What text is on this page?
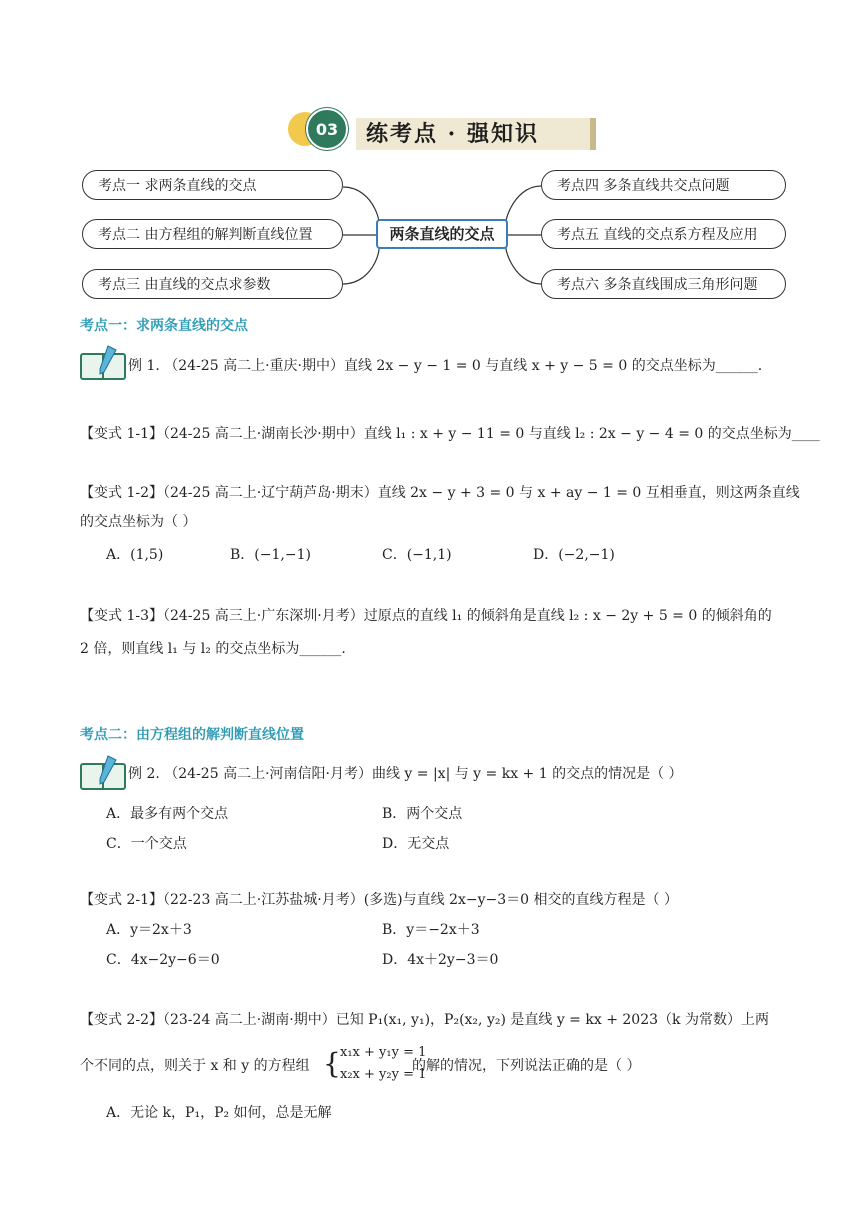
03	练考点 · 强知识
考点一 求两条直线的交点
考点二 由方程组的解判断直线位置
考点三 由直线的交点求参数
两条直线的交点
考点四 多条直线共交点问题
考点五 直线的交点系方程及应用
考点六 多条直线围成三角形问题
考点一：求两条直线的交点
例 1. （24-25 高二上·重庆·期中）直线 2x − y − 1 = 0 与直线 x + y − 5 = 0 的交点坐标为______.
【变式 1-1】（24-25 高二上·湖南长沙·期中）直线 l₁ : x + y − 11 = 0 与直线 l₂ : 2x − y − 4 = 0 的交点坐标为____
【变式 1-2】（24-25 高二上·辽宁葫芦岛·期末）直线 2x − y + 3 = 0 与 x + ay − 1 = 0 互相垂直，则这两条直线
的交点坐标为（ ）
A．(1,5)	B．(−1,−1)	C．(−1,1)	D．(−2,−1)
【变式 1-3】（24-25 高三上·广东深圳·月考）过原点的直线 l₁ 的倾斜角是直线 l₂ : x − 2y + 5 = 0 的倾斜角的
2 倍，则直线 l₁ 与 l₂ 的交点坐标为______.
考点二：由方程组的解判断直线位置
例 2. （24-25 高二上·河南信阳·月考）曲线 y = |x| 与 y = kx + 1 的交点的情况是（ ）
A．最多有两个交点	B．两个交点
C．一个交点	D．无交点
【变式 2-1】（22-23 高二上·江苏盐城·月考）(多选)与直线 2x−y−3＝0 相交的直线方程是（ ）
A．y＝2x＋3	B．y＝−2x＋3
C．4x−2y−6＝0	D．4x＋2y−3＝0
【变式 2-2】（23-24 高二上·湖南·期中）已知 P₁(x₁, y₁)，P₂(x₂, y₂) 是直线 y = kx + 2023（k 为常数）上两
个不同的点，则关于 x 和 y 的方程组 { x₁x + y₁y = 1
x₂x + y₂y = 1
的解的情况，下列说法正确的是（ ）
A．无论 k，P₁，P₂ 如何，总是无解
